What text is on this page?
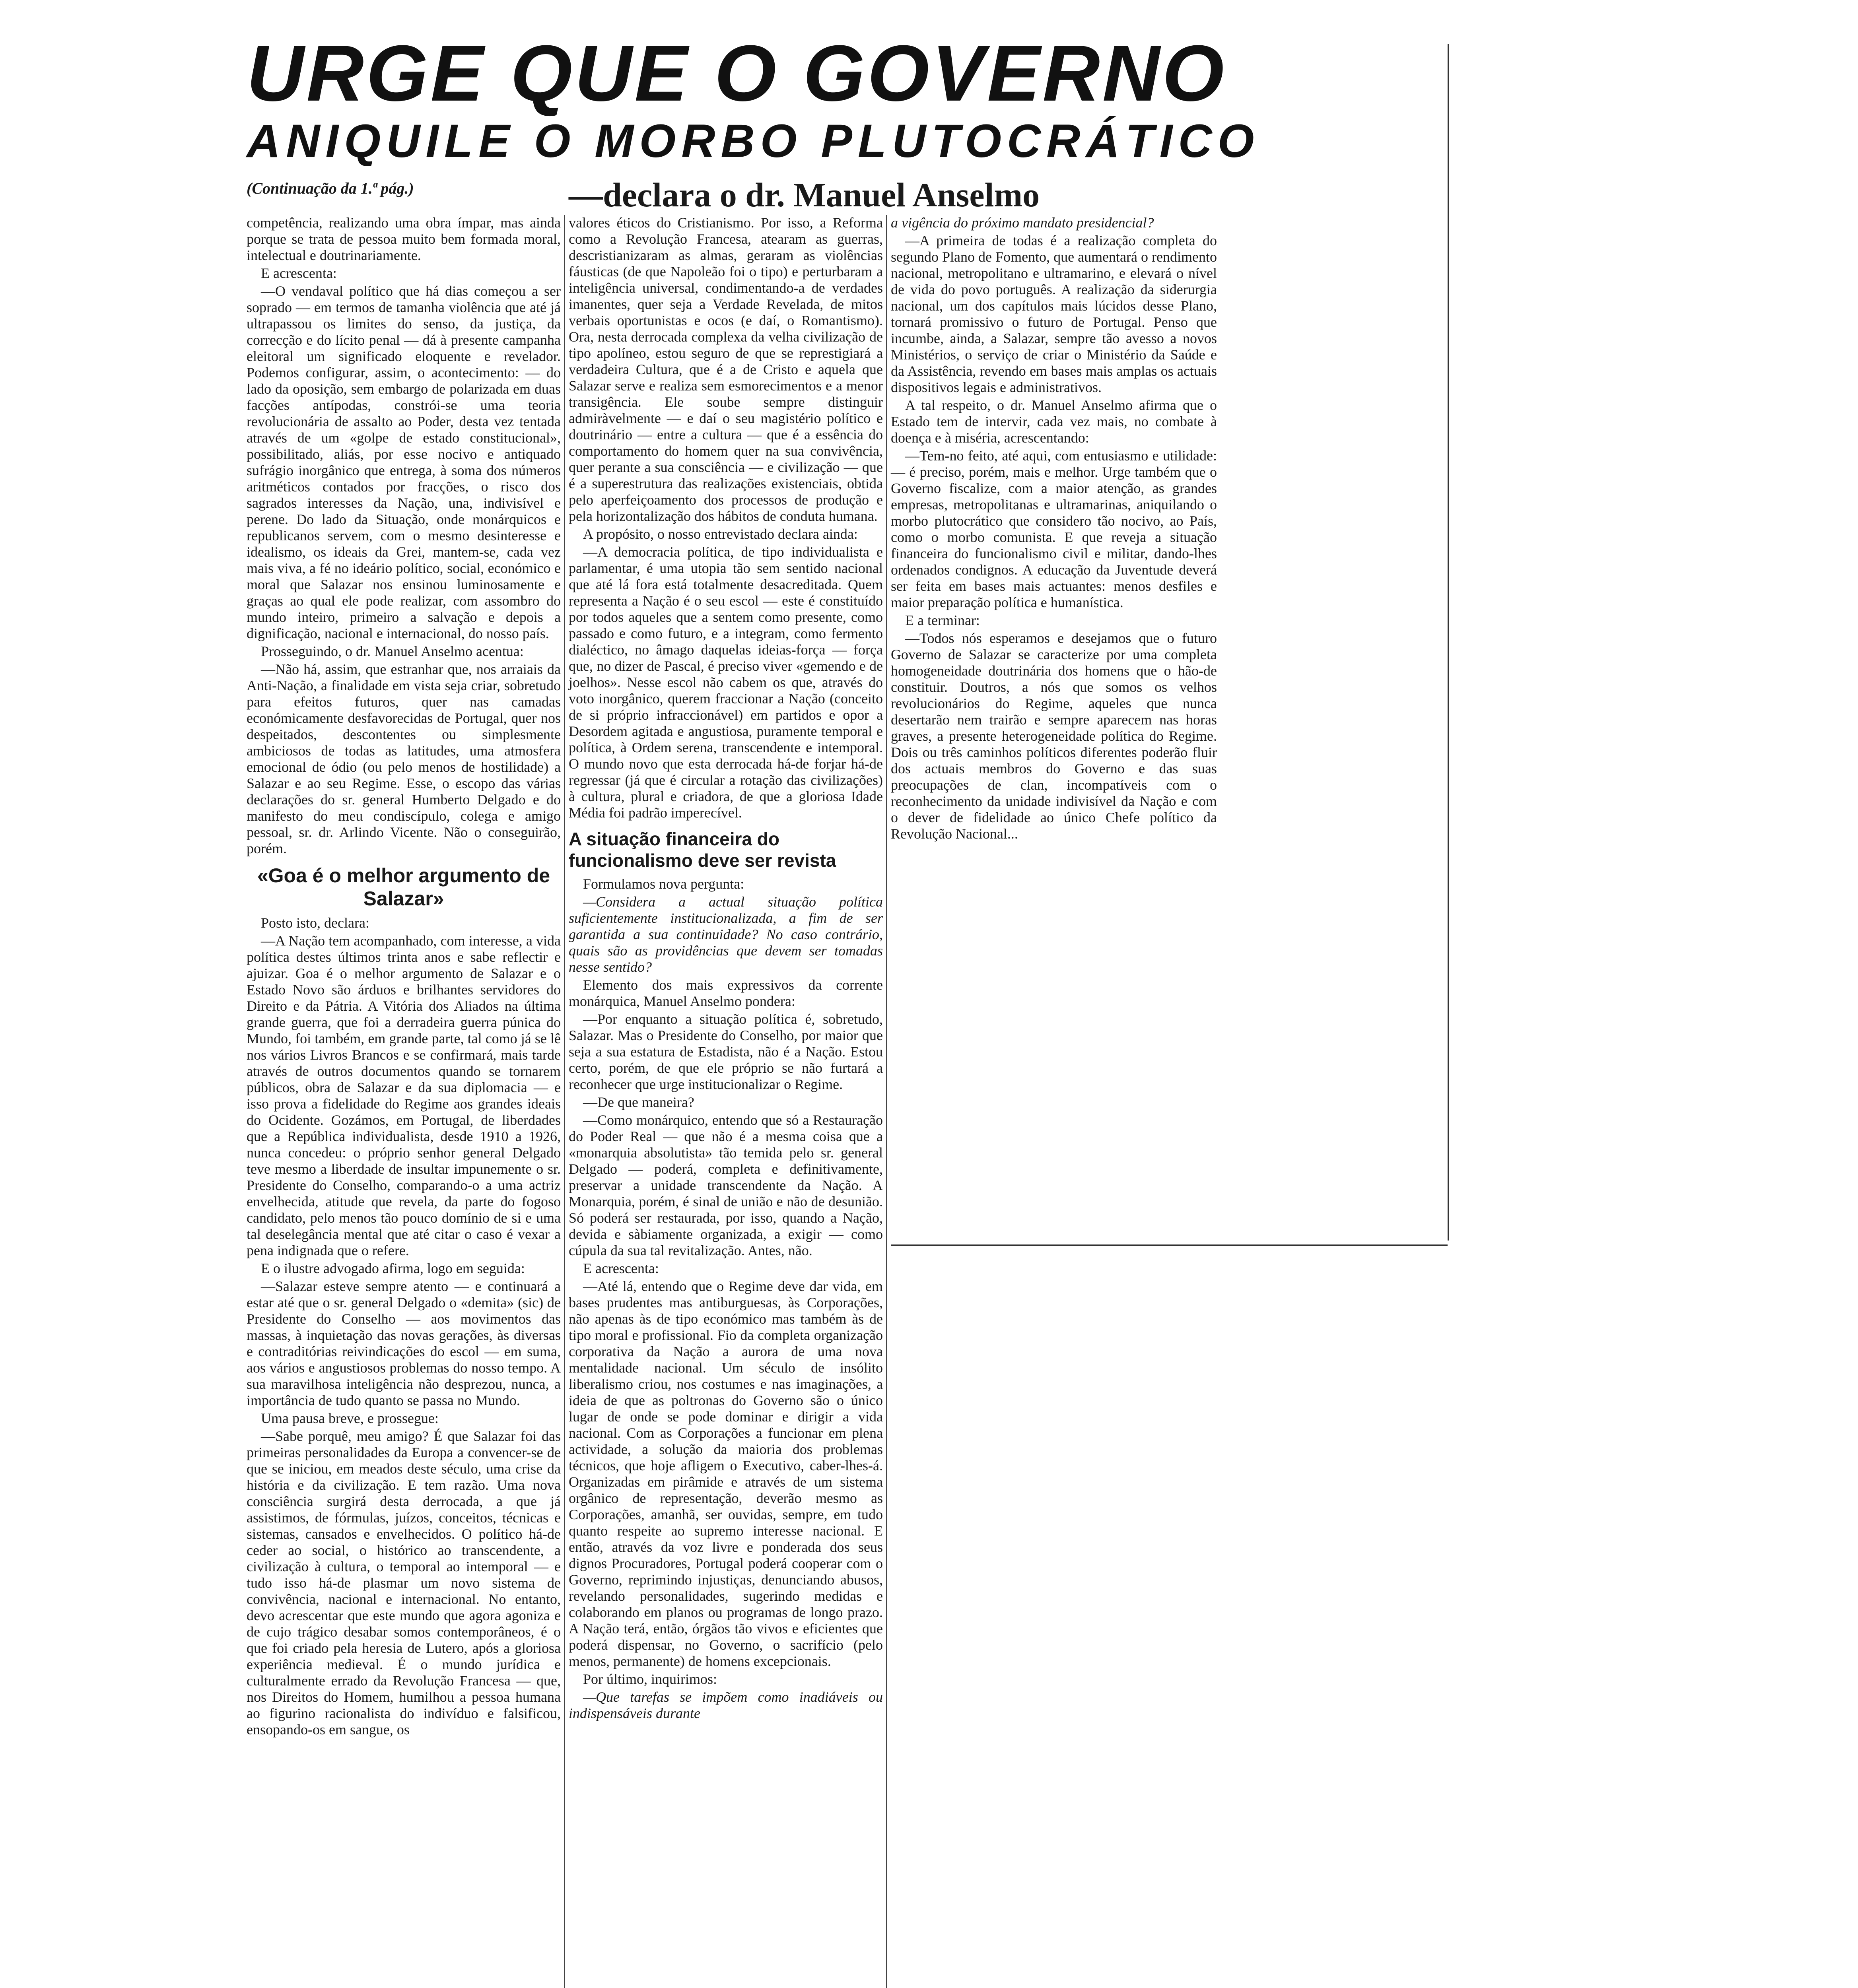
URGE QUE O GOVERNO
ANIQUILE O MORBO PLUTOCRÁTICO
(Continuação da 1.ª pág.)	—declara o dr. Manuel Anselmo

competência, realizando uma obra ímpar, mas ainda porque se trata de pessoa muito bem formada moral, intelectual e doutrinariamente.

E acrescenta:

—O vendaval político que há dias começou a ser soprado — em termos de tamanha violência que até já ultrapassou os limites do senso, da justiça, da correcção e do lícito penal — dá à presente campanha eleitoral um significado eloquente e revelador. Podemos configurar, assim, o acontecimento: — do lado da oposição, sem embargo de polarizada em duas facções antípodas, constrói-se uma teoria revolucionária de assalto ao Poder, desta vez tentada através de um «golpe de estado constitucional», possibilitado, aliás, por esse nocivo e antiquado sufrágio inorgânico que entrega, à soma dos números aritméticos contados por fracções, o risco dos sagrados interesses da Nação, una, indivisível e perene. Do lado da Situação, onde monárquicos e republicanos servem, com o mesmo desinteresse e idealismo, os ideais da Grei, mantem-se, cada vez mais viva, a fé no ideário político, social, económico e moral que Salazar nos ensinou luminosamente e graças ao qual ele pode realizar, com assombro do mundo inteiro, primeiro a salvação e depois a dignificação, nacional e internacional, do nosso país.

Prosseguindo, o dr. Manuel Anselmo acentua:

—Não há, assim, que estranhar que, nos arraiais da Anti-Nação, a finalidade em vista seja criar, sobretudo para efeitos futuros, quer nas camadas económicamente desfavorecidas de Portugal, quer nos despeitados, descontentes ou simplesmente ambiciosos de todas as latitudes, uma atmosfera emocional de ódio (ou pelo menos de hostilidade) a Salazar e ao seu Regime. Esse, o escopo das várias declarações do sr. general Humberto Delgado e do manifesto do meu condiscípulo, colega e amigo pessoal, sr. dr. Arlindo Vicente. Não o conseguirão, porém.

«Goa é o melhor argumento de Salazar»

Posto isto, declara:

—A Nação tem acompanhado, com interesse, a vida política destes últimos trinta anos e sabe reflectir e ajuizar. Goa é o melhor argumento de Salazar e o Estado Novo são árduos e brilhantes servidores do Direito e da Pátria. A Vitória dos Aliados na última grande guerra, que foi a derradeira guerra púnica do Mundo, foi também, em grande parte, tal como já se lê nos vários Livros Brancos e se confirmará, mais tarde através de outros documentos quando se tornarem públicos, obra de Salazar e da sua diplomacia — e isso prova a fidelidade do Regime aos grandes ideais do Ocidente. Gozámos, em Portugal, de liberdades que a República individualista, desde 1910 a 1926, nunca concedeu: o próprio senhor general Delgado teve mesmo a liberdade de insultar impunemente o sr. Presidente do Conselho, comparando-o a uma actriz envelhecida, atitude que revela, da parte do fogoso candidato, pelo menos tão pouco domínio de si e uma tal deselegância mental que até citar o caso é vexar a pena indignada que o refere.

E o ilustre advogado afirma, logo em seguida:

—Salazar esteve sempre atento — e continuará a estar até que o sr. general Delgado o «demita» (sic) de Presidente do Conselho — aos movimentos das massas, à inquietação das novas gerações, às diversas e contraditórias reivindicações do escol — em suma, aos vários e angustiosos problemas do nosso tempo. A sua maravilhosa inteligência não desprezou, nunca, a importância de tudo quanto se passa no Mundo.

Uma pausa breve, e prossegue:

—Sabe porquê, meu amigo? É que Salazar foi das primeiras personalidades da Europa a convencer-se de que se iniciou, em meados deste século, uma crise da história e da civilização. E tem razão. Uma nova consciência surgirá desta derrocada, a que já assistimos, de fórmulas, juízos, conceitos, técnicas e sistemas, cansados e envelhecidos. O político há-de ceder ao social, o histórico ao transcendente, a civilização à cultura, o temporal ao intemporal — e tudo isso há-de plasmar um novo sistema de convivência, nacional e internacional. No entanto, devo acrescentar que este mundo que agora agoniza e de cujo trágico desabar somos contemporâneos, é o que foi criado pela heresia de Lutero, após a gloriosa experiência medieval. É o mundo jurídica e culturalmente errado da Revolução Francesa — que, nos Direitos do Homem, humilhou a pessoa humana ao figurino racionalista do indivíduo e falsificou, ensopando-os em sangue, os

valores éticos do Cristianismo. Por isso, a Reforma como a Revolução Francesa, atearam as guerras, descristianizaram as almas, geraram as violências fáusticas (de que Napoleão foi o tipo) e perturbaram a inteligência universal, condimentando-a de verdades imanentes, quer seja a Verdade Revelada, de mitos verbais oportunistas e ocos (e daí, o Romantismo). Ora, nesta derrocada complexa da velha civilização de tipo apolíneo, estou seguro de que se represtigiará a verdadeira Cultura, que é a de Cristo e aquela que Salazar serve e realiza sem esmorecimentos e a menor transigência. Ele soube sempre distinguir admiràvelmente — e daí o seu magistério político e doutrinário — entre a cultura — que é a essência do comportamento do homem quer na sua convivência, quer perante a sua consciência — e civilização — que é a superestrutura das realizações existenciais, obtida pelo aperfeiçoamento dos processos de produção e pela horizontalização dos hábitos de conduta humana.

A propósito, o nosso entrevistado declara ainda:

—A democracia política, de tipo individualista e parlamentar, é uma utopia tão sem sentido nacional que até lá fora está totalmente desacreditada. Quem representa a Nação é o seu escol — este é constituído por todos aqueles que a sentem como presente, como passado e como futuro, e a integram, como fermento dialéctico, no âmago daquelas ideias-força — força que, no dizer de Pascal, é preciso viver «gemendo e de joelhos». Nesse escol não cabem os que, através do voto inorgânico, querem fraccionar a Nação (conceito de si próprio infraccionável) em partidos e opor a Desordem agitada e angustiosa, puramente temporal e política, à Ordem serena, transcendente e intemporal. O mundo novo que esta derrocada há-de forjar há-de regressar (já que é circular a rotação das civilizações) à cultura, plural e criadora, de que a gloriosa Idade Média foi padrão imperecível.

A situação financeira do funcionalismo deve ser revista

Formulamos nova pergunta:

—Considera a actual situação política suficientemente institucionalizada, a fim de ser garantida a sua continuidade? No caso contrário, quais são as providências que devem ser tomadas nesse sentido?

Elemento dos mais expressivos da corrente monárquica, Manuel Anselmo pondera:

—Por enquanto a situação política é, sobretudo, Salazar. Mas o Presidente do Conselho, por maior que seja a sua estatura de Estadista, não é a Nação. Estou certo, porém, de que ele próprio se não furtará a reconhecer que urge institucionalizar o Regime.

—De que maneira?

—Como monárquico, entendo que só a Restauração do Poder Real — que não é a mesma coisa que a «monarquia absolutista» tão temida pelo sr. general Delgado — poderá, completa e definitivamente, preservar a unidade transcendente da Nação. A Monarquia, porém, é sinal de união e não de desunião. Só poderá ser restaurada, por isso, quando a Nação, devida e sàbiamente organizada, a exigir — como cúpula da sua tal revitalização. Antes, não.

E acrescenta:

—Até lá, entendo que o Regime deve dar vida, em bases prudentes mas antiburguesas, às Corporações, não apenas às de tipo económico mas também às de tipo moral e profissional. Fio da completa organização corporativa da Nação a aurora de uma nova mentalidade nacional. Um século de insólito liberalismo criou, nos costumes e nas imaginações, a ideia de que as poltronas do Governo são o único lugar de onde se pode dominar e dirigir a vida nacional. Com as Corporações a funcionar em plena actividade, a solução da maioria dos problemas técnicos, que hoje afligem o Executivo, caber-lhes-á. Organizadas em pirâmide e através de um sistema orgânico de representação, deverão mesmo as Corporações, amanhã, ser ouvidas, sempre, em tudo quanto respeite ao supremo interesse nacional. E então, através da voz livre e ponderada dos seus dignos Procuradores, Portugal poderá cooperar com o Governo, reprimindo injustiças, denunciando abusos, revelando personalidades, sugerindo medidas e colaborando em planos ou programas de longo prazo. A Nação terá, então, órgãos tão vivos e eficientes que poderá dispensar, no Governo, o sacrifício (pelo menos, permanente) de homens excepcionais.

Por último, inquirimos:

—Que tarefas se impõem como inadiáveis ou indispensáveis durante

a vigência do próximo mandato presidencial?

—A primeira de todas é a realização completa do segundo Plano de Fomento, que aumentará o rendimento nacional, metropolitano e ultramarino, e elevará o nível de vida do povo português. A realização da siderurgia nacional, um dos capítulos mais lúcidos desse Plano, tornará promissivo o futuro de Portugal. Penso que incumbe, ainda, a Salazar, sempre tão avesso a novos Ministérios, o serviço de criar o Ministério da Saúde e da Assistência, revendo em bases mais amplas os actuais dispositivos legais e administrativos.

A tal respeito, o dr. Manuel Anselmo afirma que o Estado tem de intervir, cada vez mais, no combate à doença e à miséria, acrescentando:

—Tem-no feito, até aqui, com entusiasmo e utilidade: — é preciso, porém, mais e melhor. Urge também que o Governo fiscalize, com a maior atenção, as grandes empresas, metropolitanas e ultramarinas, aniquilando o morbo plutocrático que considero tão nocivo, ao País, como o morbo comunista. E que reveja a situação financeira do funcionalismo civil e militar, dando-lhes ordenados condignos. A educação da Juventude deverá ser feita em bases mais actuantes: menos desfiles e maior preparação política e humanística.

E a terminar:

—Todos nós esperamos e desejamos que o futuro Governo de Salazar se caracterize por uma completa homogeneidade doutrinária dos homens que o hão-de constituir. Doutros, a nós que somos os velhos revolucionários do Regime, aqueles que nunca desertarão nem trairão e sempre aparecem nas horas graves, a presente heterogeneidade política do Regime. Dois ou três caminhos políticos diferentes poderão fluir dos actuais membros do Governo e das suas preocupações de clan, incompatíveis com o reconhecimento da unidade indivisível da Nação e com o dever de fidelidade ao único Chefe político da Revolução Nacional...
